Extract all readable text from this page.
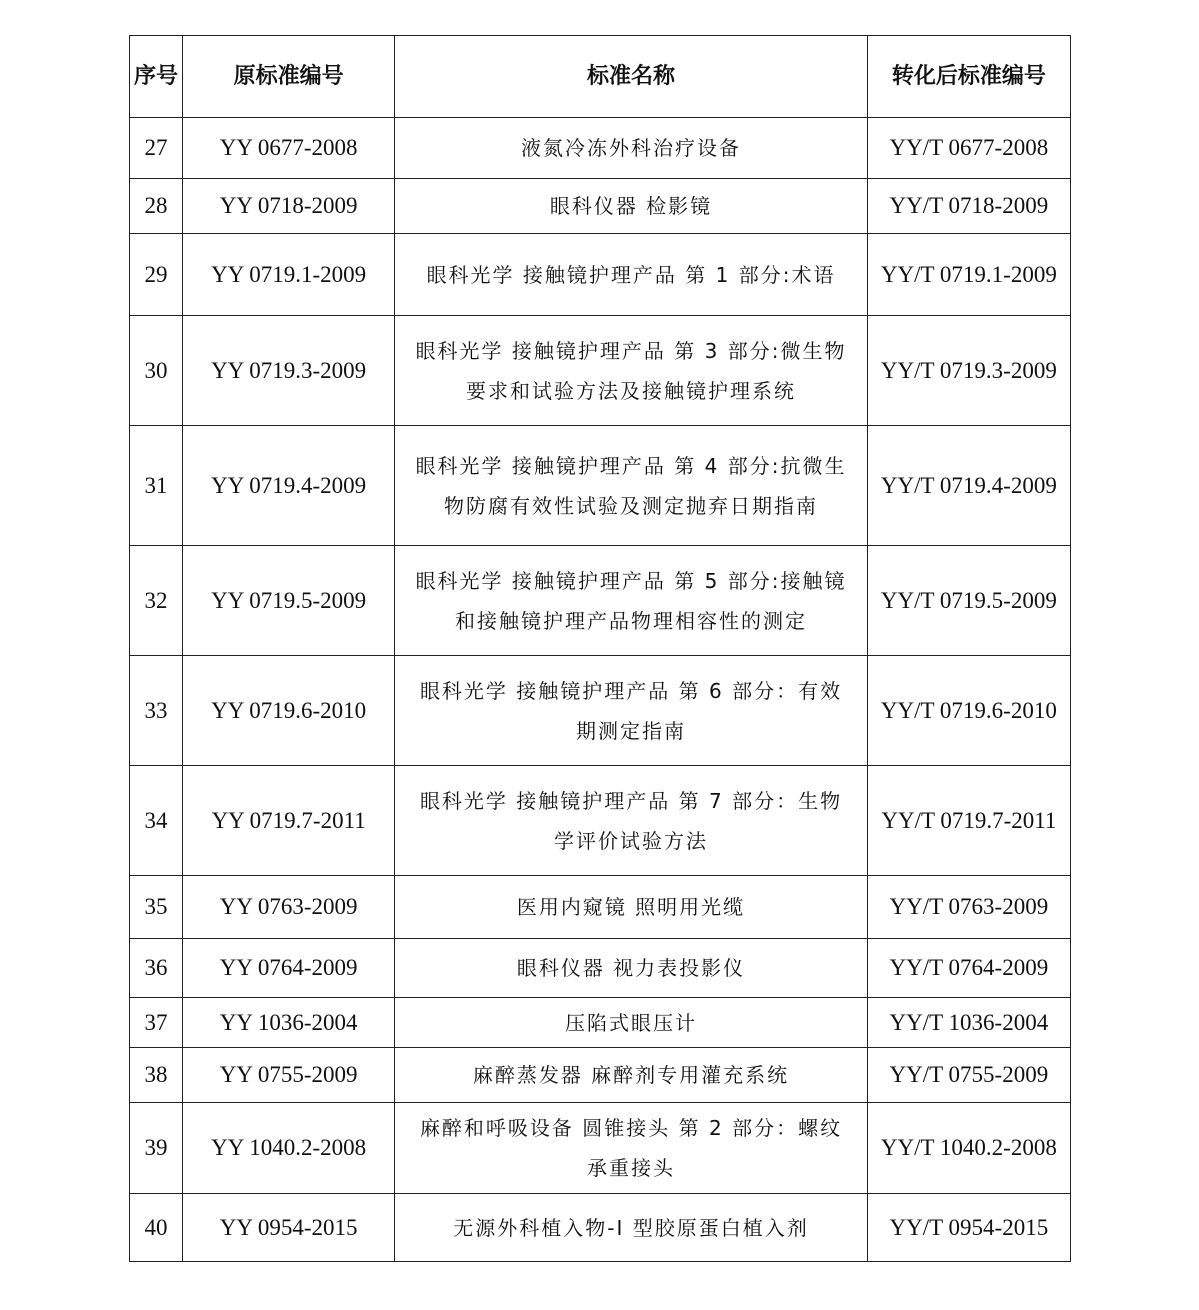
序号	原标准编号	标准名称	转化后标准编号
27	YY 0677-2008	液氮冷冻外科治疗设备	YY/T 0677-2008
28	YY 0718-2009	眼科仪器 检影镜	YY/T 0718-2009
29	YY 0719.1-2009	眼科光学 接触镜护理产品 第 1 部分:术语	YY/T 0719.1-2009
30	YY 0719.3-2009	眼科光学 接触镜护理产品 第 3 部分:微生物要求和试验方法及接触镜护理系统	YY/T 0719.3-2009
31	YY 0719.4-2009	眼科光学 接触镜护理产品 第 4 部分:抗微生物防腐有效性试验及测定抛弃日期指南	YY/T 0719.4-2009
32	YY 0719.5-2009	眼科光学 接触镜护理产品 第 5 部分:接触镜和接触镜护理产品物理相容性的测定	YY/T 0719.5-2009
33	YY 0719.6-2010	眼科光学 接触镜护理产品 第 6 部分：有效期测定指南	YY/T 0719.6-2010
34	YY 0719.7-2011	眼科光学 接触镜护理产品 第 7 部分：生物学评价试验方法	YY/T 0719.7-2011
35	YY 0763-2009	医用内窥镜 照明用光缆	YY/T 0763-2009
36	YY 0764-2009	眼科仪器 视力表投影仪	YY/T 0764-2009
37	YY 1036-2004	压陷式眼压计	YY/T 1036-2004
38	YY 0755-2009	麻醉蒸发器 麻醉剂专用灌充系统	YY/T 0755-2009
39	YY 1040.2-2008	麻醉和呼吸设备 圆锥接头 第 2 部分：螺纹承重接头	YY/T 1040.2-2008
40	YY 0954-2015	无源外科植入物-I 型胶原蛋白植入剂	YY/T 0954-2015
